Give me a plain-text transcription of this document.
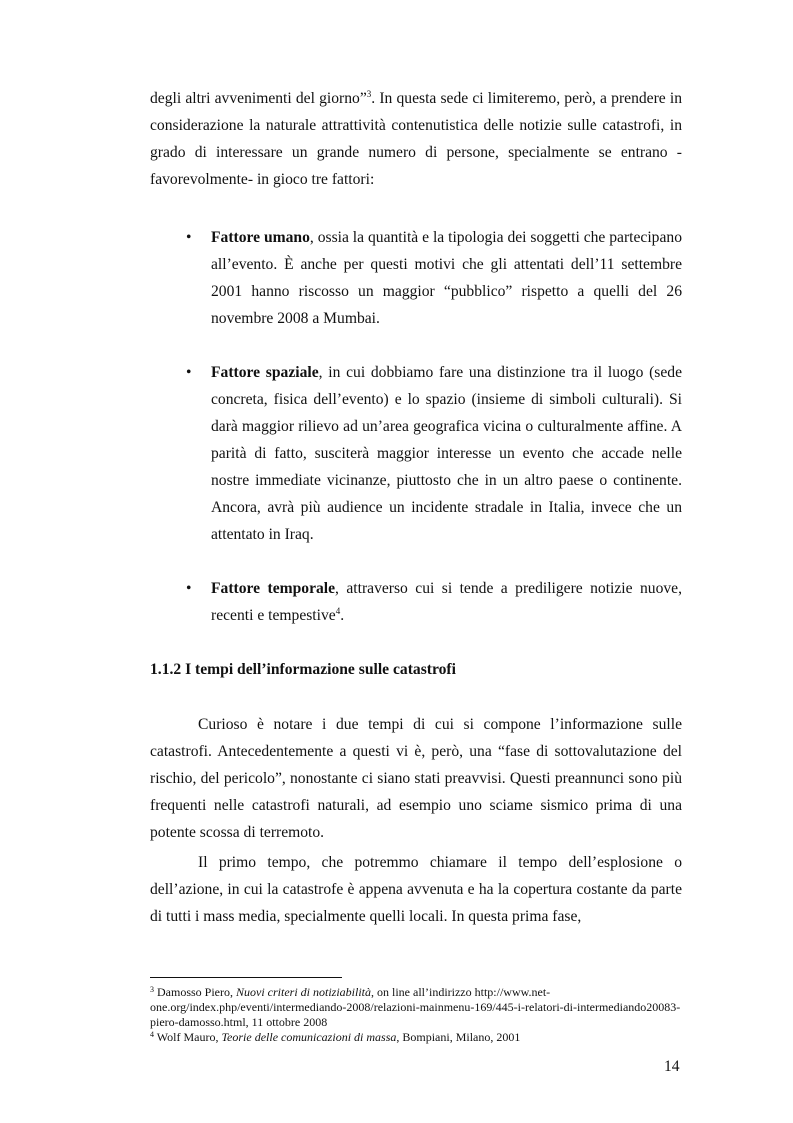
degli altri avvenimenti del giorno”$^3$. In questa sede ci limiteremo, però, a prendere in considerazione la naturale attrattività contenutistica delle notizie sulle catastrofi, in grado di interessare un grande numero di persone, specialmente se entrano -favorevolmente- in gioco tre fattori:

• Fattore umano, ossia la quantità e la tipologia dei soggetti che partecipano all’evento. È anche per questi motivi che gli attentati dell’11 settembre 2001 hanno riscosso un maggior “pubblico” rispetto a quelli del 26 novembre 2008 a Mumbai.

• Fattore spaziale, in cui dobbiamo fare una distinzione tra il luogo (sede concreta, fisica dell’evento) e lo spazio (insieme di simboli culturali). Si darà maggior rilievo ad un’area geografica vicina o culturalmente affine. A parità di fatto, susciterà maggior interesse un evento che accade nelle nostre immediate vicinanze, piuttosto che in un altro paese o continente. Ancora, avrà più audience un incidente stradale in Italia, invece che un attentato in Iraq.

• Fattore temporale, attraverso cui si tende a prediligere notizie nuove, recenti e tempestive$^4$.

1.1.2 I tempi dell’informazione sulle catastrofi

Curioso è notare i due tempi di cui si compone l’informazione sulle catastrofi. Antecedentemente a questi vi è, però, una “fase di sottovalutazione del rischio, del pericolo”, nonostante ci siano stati preavvisi. Questi preannunci sono più frequenti nelle catastrofi naturali, ad esempio uno sciame sismico prima di una potente scossa di terremoto.

Il primo tempo, che potremmo chiamare il tempo dell’esplosione o dell’azione, in cui la catastrofe è appena avvenuta e ha la copertura costante da parte di tutti i mass media, specialmente quelli locali. In questa prima fase,

$^3$ Damosso Piero, Nuovi criteri di notiziabilità, on line all’indirizzo http://www.net-one.org/index.php/eventi/intermediando-2008/relazioni-mainmenu-169/445-i-relatori-di-intermediando20083-piero-damosso.html, 11 ottobre 2008
$^4$ Wolf Mauro, Teorie delle comunicazioni di massa, Bompiani, Milano, 2001
14
